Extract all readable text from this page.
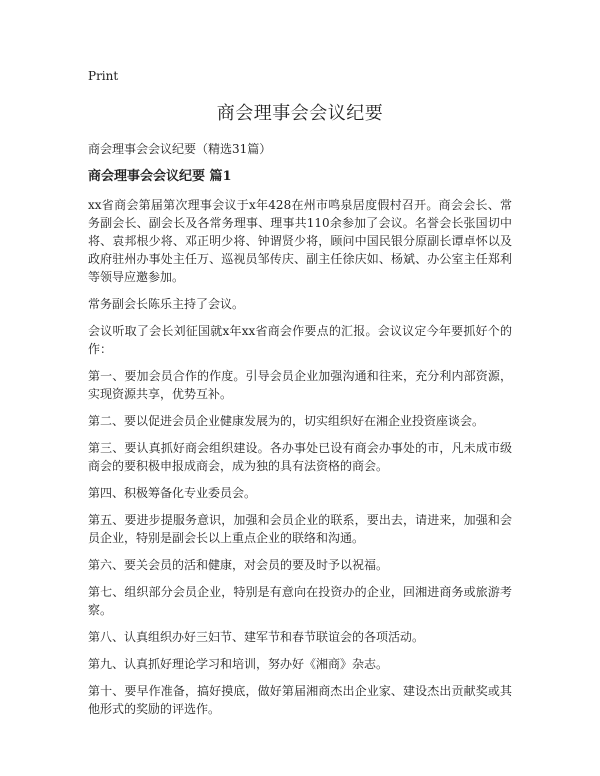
Print
商会理事会会议纪要
商会理事会会议纪要（精选31篇）
商会理事会会议纪要 篇1

xx省商会第届第次理事会议于x年428在州市鸣泉居度假村召开。商会会长、常务副会长、副会长及各常务理事、理事共110余参加了会议。名誉会长张国切中将、袁邦根少将、邓正明少将、钟谓贤少将，顾问中国民银分原副长谭卓怀以及政府驻州办事处主任万、巡视员邹传庆、副主任徐庆如、杨斌、办公室主任郑利等领导应邀参加。

常务副会长陈乐主持了会议。

会议听取了会长刘征国就x年xx省商会作要点的汇报。会议议定今年要抓好个的作：

第一、要加会员合作的作度。引导会员企业加强沟通和往来，充分利内部资源，实现资源共享，优势互补。

第二、要以促进会员企业健康发展为的，切实组织好在湘企业投资座谈会。

第三、要认真抓好商会组织建设。各办事处已设有商会办事处的市，凡未成市级商会的要积极申报成商会，成为独的具有法资格的商会。

第四、积极筹备化专业委员会。

第五、要进步提服务意识，加强和会员企业的联系，要出去，请进来，加强和会员企业，特别是副会长以上重点企业的联络和沟通。

第六、要关会员的活和健康，对会员的要及时予以祝福。

第七、组织部分会员企业，特别是有意向在投资办的企业，回湘进商务或旅游考察。

第八、认真组织办好三妇节、建军节和春节联谊会的各项活动。

第九、认真抓好理论学习和培训，努办好《湘商》杂志。

第十、要早作准备，搞好摸底，做好第届湘商杰出企业家、建设杰出贡献奖或其他形式的奖励的评选作。
